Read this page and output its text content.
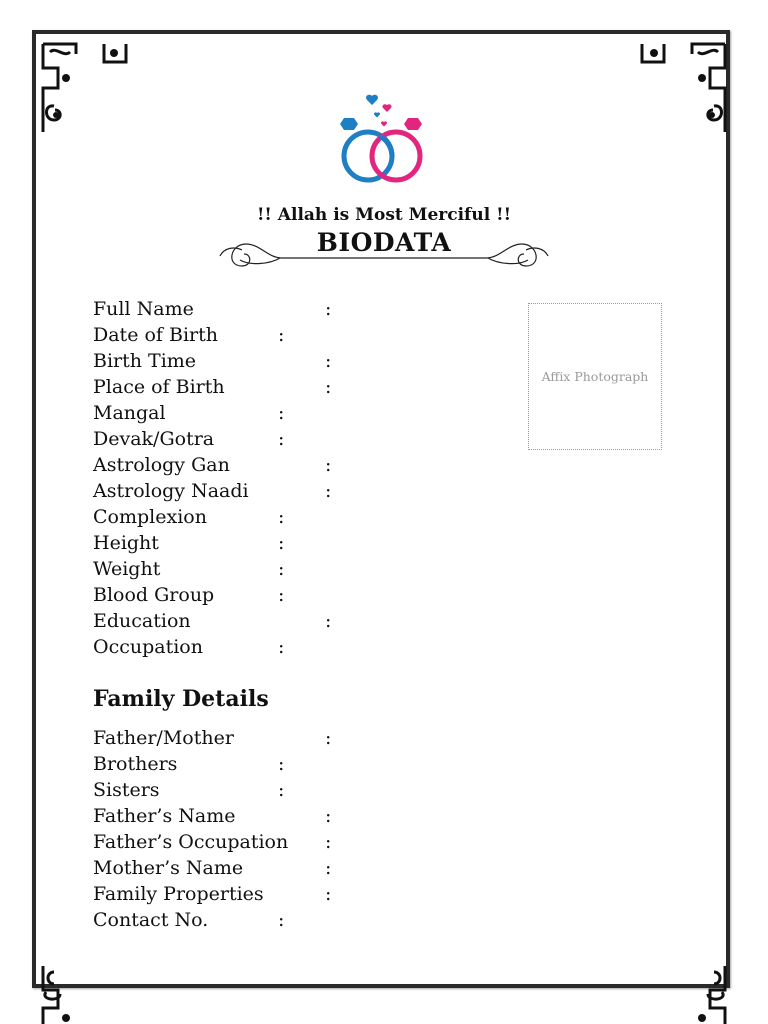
!! Allah is Most Merciful !!
BIODATA
Affix Photograph
Full Name	:
Date of Birth	:
Birth Time	:
Place of Birth	:
Mangal	:
Devak/Gotra	:
Astrology Gan	:
Astrology Naadi	:
Complexion	:
Height	:
Weight	:
Blood Group	:
Education	:
Occupation	:
Family Details
Father/Mother	:
Brothers	:
Sisters	:
Father’s Name	:
Father’s Occupation :
Mother’s Name	:
Family Properties	:
Contact No.	:
